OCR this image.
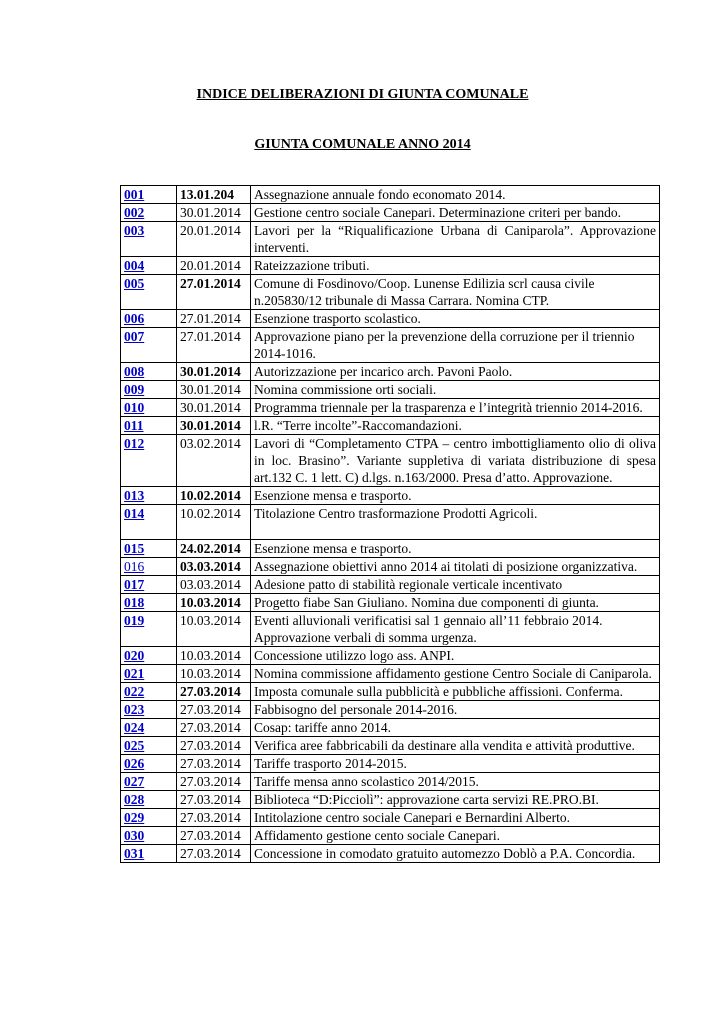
INDICE DELIBERAZIONI DI GIUNTA COMUNALE
GIUNTA COMUNALE ANNO 2014
001	13.01.204	Assegnazione annuale fondo economato 2014.
002	30.01.2014	Gestione centro sociale Canepari. Determinazione criteri per bando.
003	20.01.2014	Lavori per la “Riqualificazione Urbana di Caniparola”. Approvazione interventi.
004	20.01.2014	Rateizzazione tributi.
005	27.01.2014	Comune di Fosdinovo/Coop. Lunense Edilizia scrl causa civile n.205830/12 tribunale di Massa Carrara. Nomina CTP.
006	27.01.2014	Esenzione trasporto scolastico.
007	27.01.2014	Approvazione piano per la prevenzione della corruzione per il triennio 2014-1016.
008	30.01.2014	Autorizzazione per incarico arch. Pavoni Paolo.
009	30.01.2014	Nomina commissione orti sociali.
010	30.01.2014	Programma triennale per la trasparenza e l’integrità triennio 2014-2016.
011	30.01.2014	l.R. “Terre incolte”-Raccomandazioni.
012	03.02.2014	Lavori di “Completamento CTPA – centro imbottigliamento olio di oliva in loc. Brasino”. Variante suppletiva di variata distribuzione di spesa art.132 C. 1 lett. C) d.lgs. n.163/2000. Presa d’atto. Approvazione.
013	10.02.2014	Esenzione mensa e trasporto.
014	10.02.2014	Titolazione Centro trasformazione Prodotti Agricoli.
015	24.02.2014	Esenzione mensa e trasporto.
016	03.03.2014	Assegnazione obiettivi anno 2014 ai titolati di posizione organizzativa.
017	03.03.2014	Adesione patto di stabilità regionale verticale incentivato
018	10.03.2014	Progetto fiabe San Giuliano. Nomina due componenti di giunta.
019	10.03.2014	Eventi alluvionali verificatisi sal 1 gennaio all’11 febbraio 2014. Approvazione verbali di somma urgenza.
020	10.03.2014	Concessione utilizzo logo ass. ANPI.
021	10.03.2014	Nomina commissione affidamento gestione Centro Sociale di Caniparola.
022	27.03.2014	Imposta comunale sulla pubblicità e pubbliche affissioni. Conferma.
023	27.03.2014	Fabbisogno del personale 2014-2016.
024	27.03.2014	Cosap: tariffe anno 2014.
025	27.03.2014	Verifica aree fabbricabili da destinare alla vendita e attività produttive.
026	27.03.2014	Tariffe trasporto 2014-2015.
027	27.03.2014	Tariffe mensa anno scolastico 2014/2015.
028	27.03.2014	Biblioteca “D:Picciolì”: approvazione carta servizi RE.PRO.BI.
029	27.03.2014	Intitolazione centro sociale Canepari e Bernardini Alberto.
030	27.03.2014	Affidamento gestione cento sociale Canepari.
031	27.03.2014	Concessione in comodato gratuito automezzo Doblò a P.A. Concordia.
